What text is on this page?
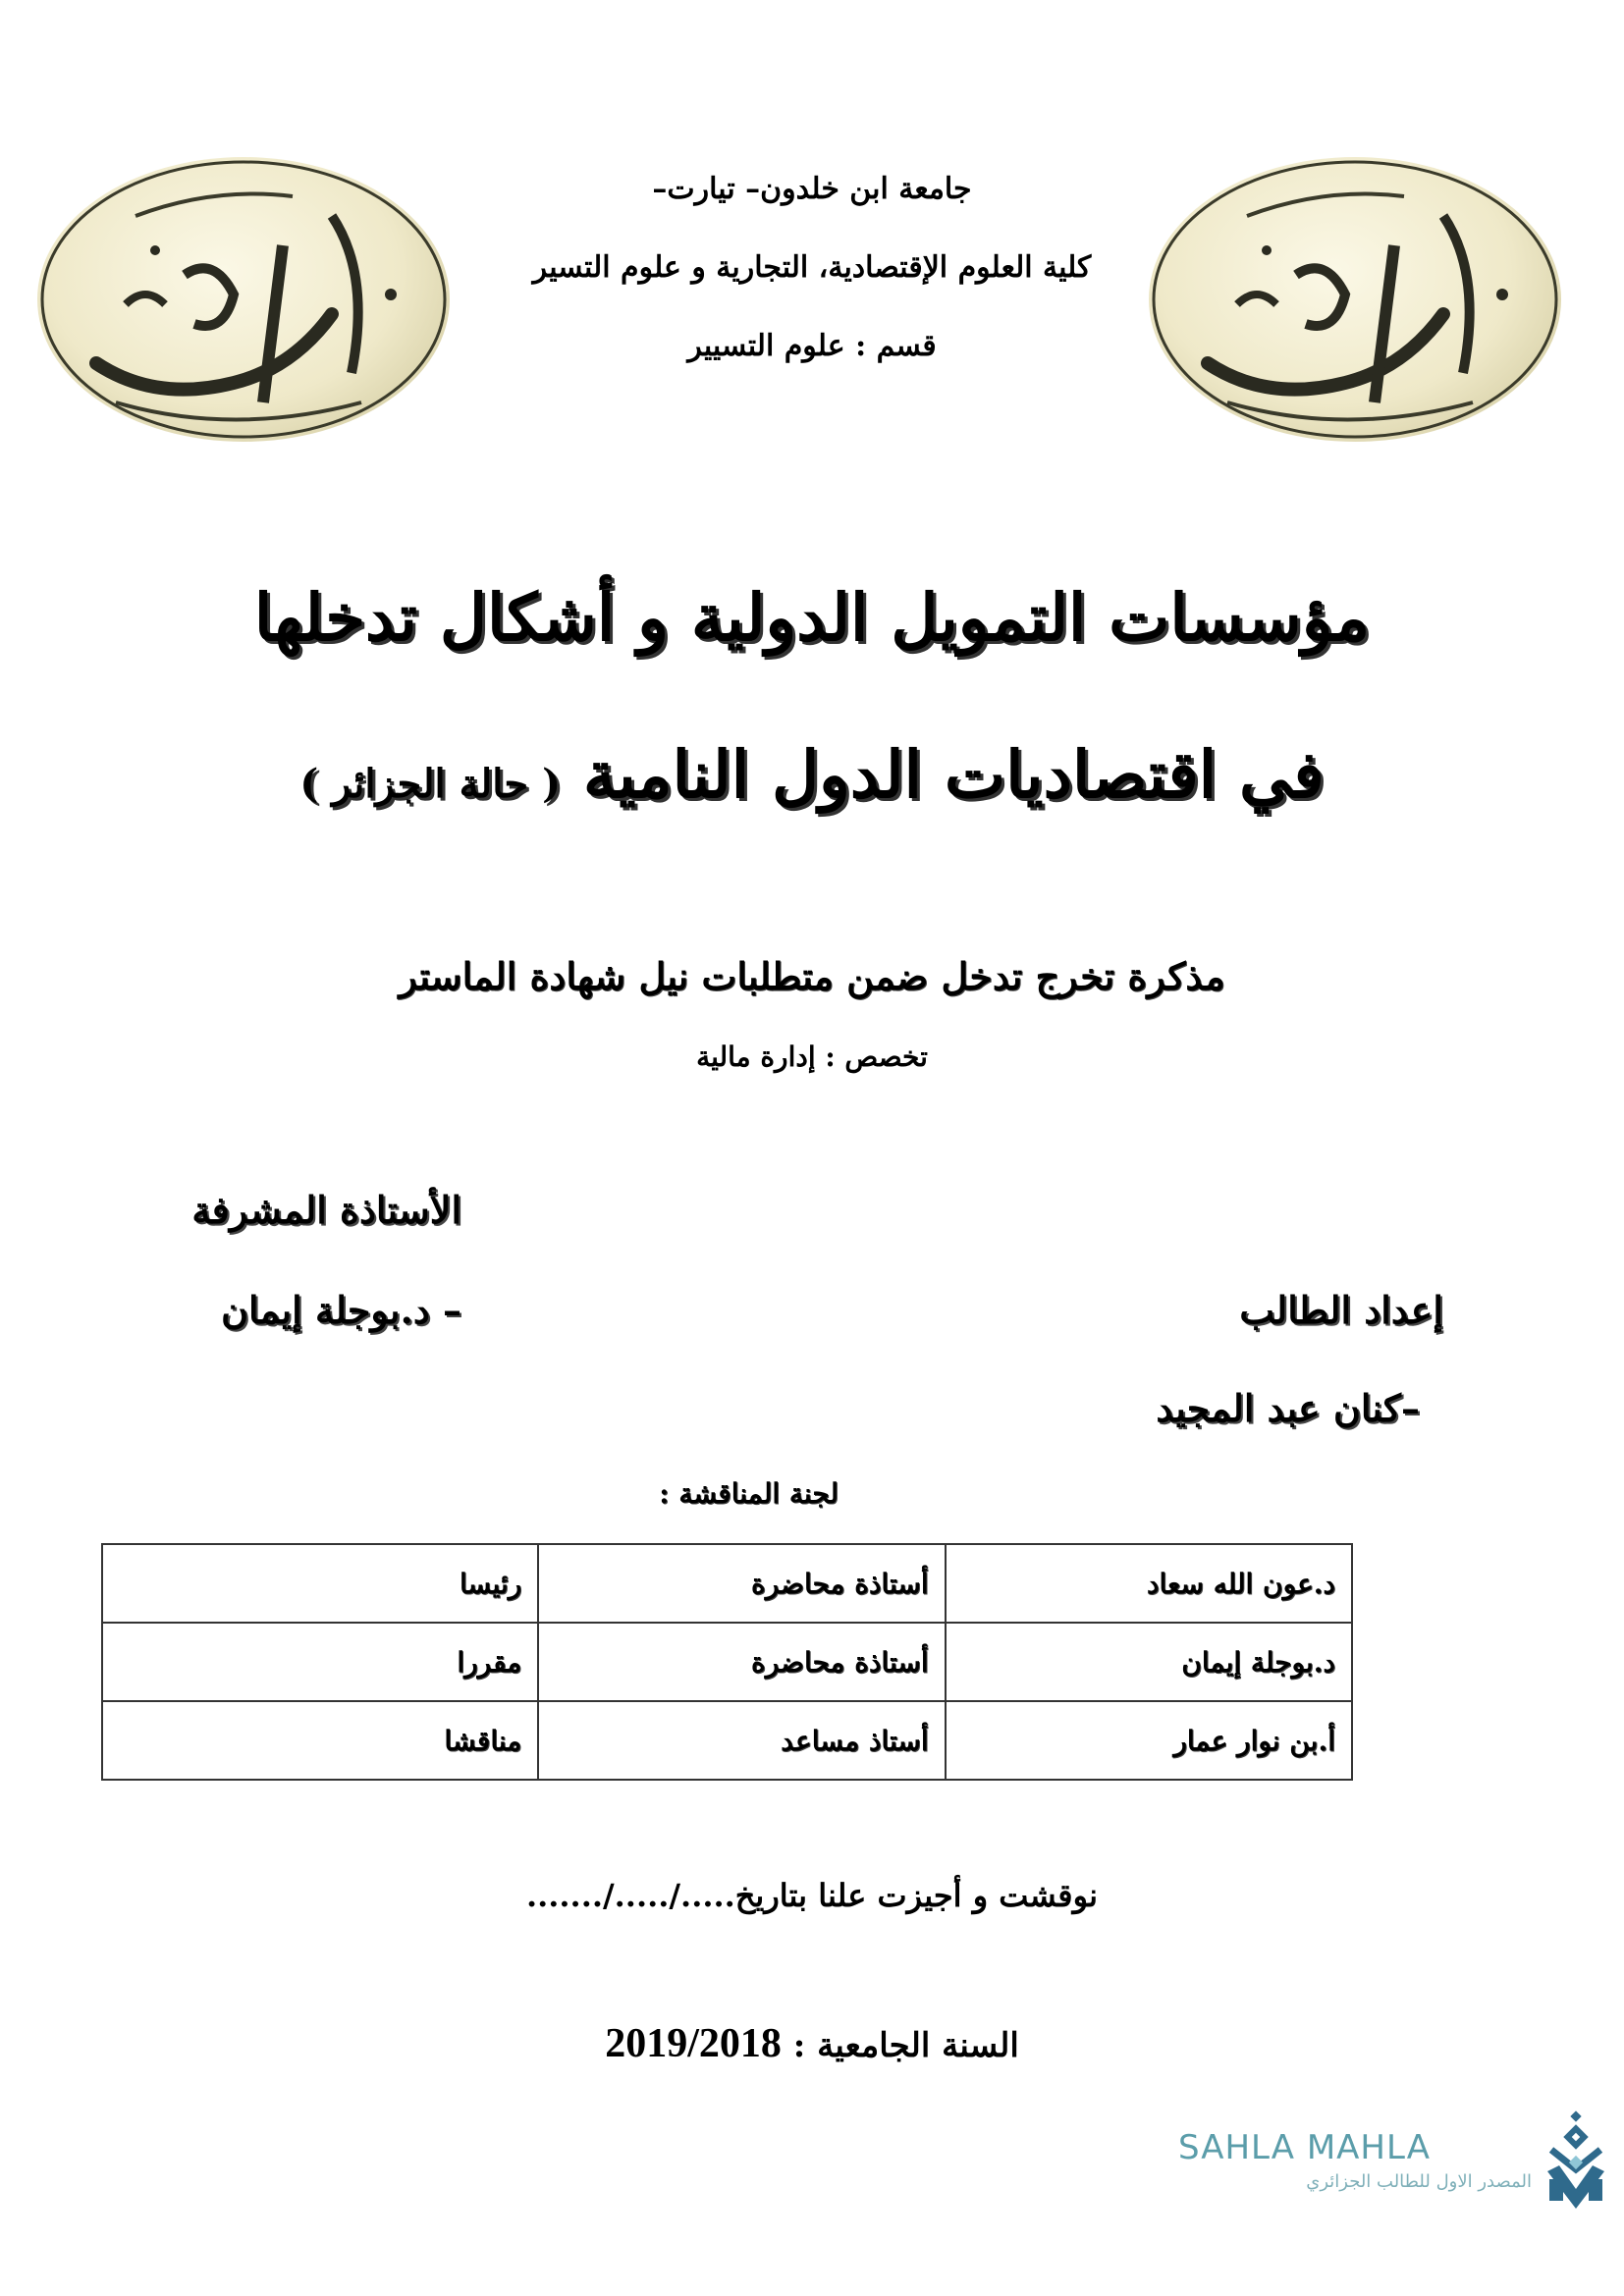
جامعة ابن خلدون– تيارت–
كلية العلوم الإقتصادية، التجارية و علوم التسير
قسم : علوم التسيير
مؤسسات التمويل الدولية و أشكال تدخلها
في اقتصاديات الدول النامية ( حالة الجزائر )
مذكرة تخرج تدخل ضمن متطلبات نيل شهادة الماستر
تخصص : إدارة مالية
الأستاذة المشرفة
إعداد الطالب
– د.بوجلة إيمان
–كنان عبد المجيد
لجنة المناقشة :
د.عون الله سعاد	أستاذة محاضرة	رئيسا
د.بوجلة إيمان	أستاذة محاضرة	مقررا
أ.بن نوار عمار	أستاذ مساعد	مناقشا
نوقشت و أجيزت علنا بتاريخ...../...../.......
السنة الجامعية : 2019/2018
SAHLA MAHLA
المصدر الاول للطالب الجزائري
